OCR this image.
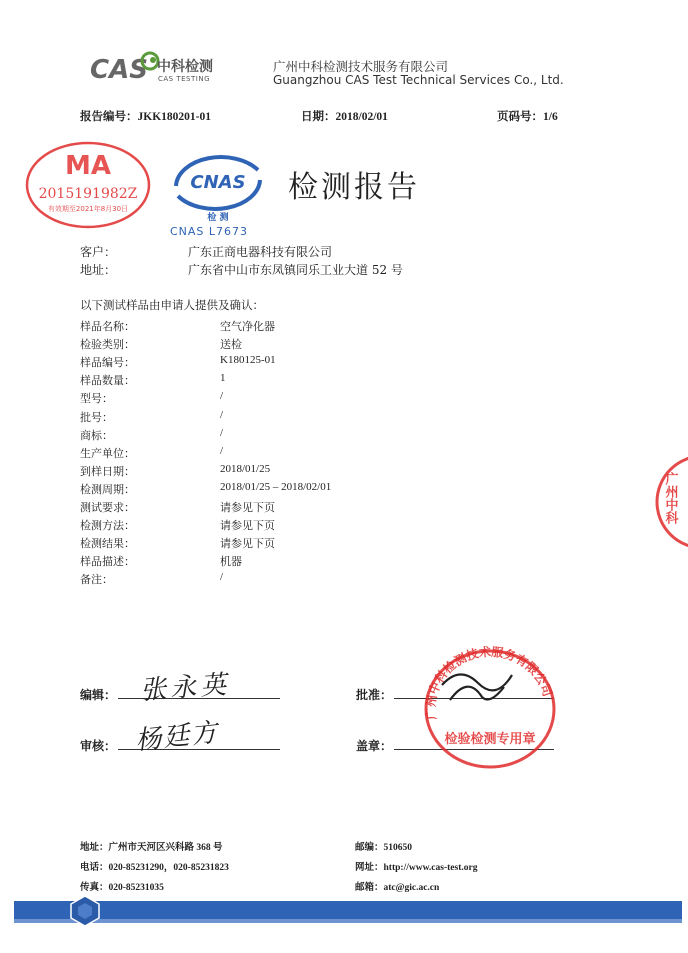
CAS 中科检测
CAS TESTING
广州中科检测技术服务有限公司
Guangzhou CAS Test Technical Services Co., Ltd.
报告编号：JKK180201-01	日期：2018/02/01	页码号：1/6
MA
2015191982Z
有效期至2021年8月30日
CNAS
检 测
CNAS L7673
检测报告
客户：	广东正商电器科技有限公司
地址：	广东省中山市东凤镇同乐工业大道 52 号
以下测试样品由申请人提供及确认：
样品名称：	空气净化器
检验类别：	送检
样品编号：	K180125-01
样品数量：	1
型号：	/
批号：	/
商标：	/
生产单位：	/
到样日期：	2018/01/25
检测周期：	2018/01/25 – 2018/02/01
测试要求：	请参见下页
检测方法：	请参见下页
检测结果：	请参见下页
样品描述：	机器
备注：	/
广州中科
编辑： 张永英
审核： 杨廷方
批准：
盖章：
广州中科检测技术服务有限公司
检验检测专用章
地址：广州市天河区兴科路 368 号	邮编：510650
电话：020-85231290，020-85231823	网址：http://www.cas-test.org
传真：020-85231035	邮箱：atc@gic.ac.cn
